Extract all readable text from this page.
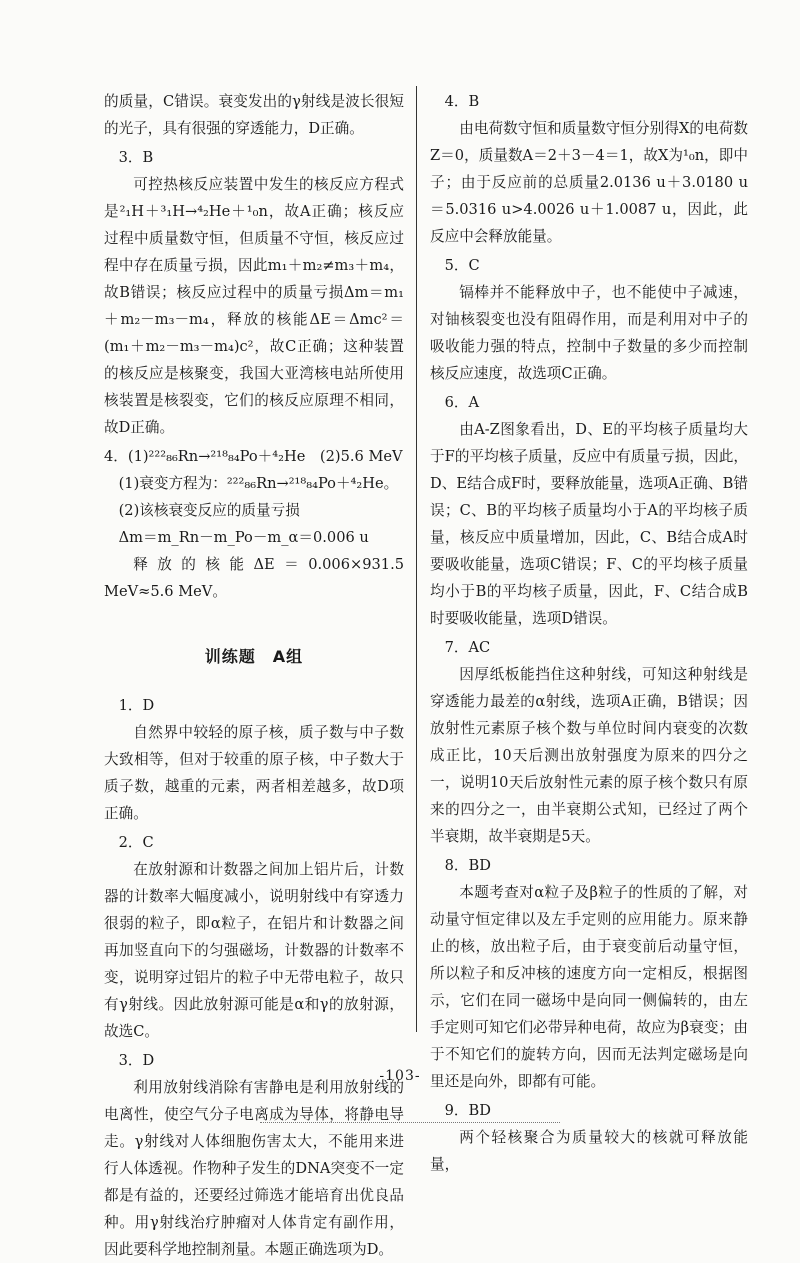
的质量，C错误。衰变发出的γ射线是波长很短的光子，具有很强的穿透能力，D正确。

3．B

可控热核反应装置中发生的核反应方程式是²₁H＋³₁H→⁴₂He＋¹₀n，故A正确；核反应过程中质量数守恒，但质量不守恒，核反应过程中存在质量亏损，因此m₁＋m₂≠m₃＋m₄，故B错误；核反应过程中的质量亏损Δm＝m₁＋m₂－m₃－m₄，释放的核能ΔE＝Δmc²＝(m₁＋m₂－m₃－m₄)c²，故C正确；这种装置的核反应是核聚变，我国大亚湾核电站所使用核装置是核裂变，它们的核反应原理不相同，故D正确。

4．(1)²²²₈₆Rn→²¹⁸₈₄Po＋⁴₂He　(2)5.6 MeV

(1)衰变方程为：²²²₈₆Rn→²¹⁸₈₄Po＋⁴₂He。

(2)该核衰变反应的质量亏损

Δm＝m_Rn－m_Po－m_α＝0.006 u

释放的核能ΔE＝0.006×931.5 MeV≈5.6 MeV。

训练题　A组

1．D

自然界中较轻的原子核，质子数与中子数大致相等，但对于较重的原子核，中子数大于质子数，越重的元素，两者相差越多，故D项正确。

2．C

在放射源和计数器之间加上铝片后，计数器的计数率大幅度减小，说明射线中有穿透力很弱的粒子，即α粒子，在铝片和计数器之间再加竖直向下的匀强磁场，计数器的计数率不变，说明穿过铝片的粒子中无带电粒子，故只有γ射线。因此放射源可能是α和γ的放射源，故选C。

3．D

利用放射线消除有害静电是利用放射线的电离性，使空气分子电离成为导体，将静电导走。γ射线对人体细胞伤害太大，不能用来进行人体透视。作物种子发生的DNA突变不一定都是有益的，还要经过筛选才能培育出优良品种。用γ射线治疗肿瘤对人体肯定有副作用，因此要科学地控制剂量。本题正确选项为D。

4．B

由电荷数守恒和质量数守恒分别得X的电荷数Z＝0，质量数A＝2＋3－4＝1，故X为¹₀n，即中子；由于反应前的总质量2.0136 u＋3.0180 u＝5.0316 u>4.0026 u＋1.0087 u，因此，此反应中会释放能量。

5．C

镉棒并不能释放中子，也不能使中子减速，对铀核裂变也没有阻碍作用，而是利用对中子的吸收能力强的特点，控制中子数量的多少而控制核反应速度，故选项C正确。

6．A

由A-Z图象看出，D、E的平均核子质量均大于F的平均核子质量，反应中有质量亏损，因此，D、E结合成F时，要释放能量，选项A正确、B错误；C、B的平均核子质量均小于A的平均核子质量，核反应中质量增加，因此，C、B结合成A时要吸收能量，选项C错误；F、C的平均核子质量均小于B的平均核子质量，因此，F、C结合成B时要吸收能量，选项D错误。

7．AC

因厚纸板能挡住这种射线，可知这种射线是穿透能力最差的α射线，选项A正确，B错误；因放射性元素原子核个数与单位时间内衰变的次数成正比，10天后测出放射强度为原来的四分之一，说明10天后放射性元素的原子核个数只有原来的四分之一，由半衰期公式知，已经过了两个半衰期，故半衰期是5天。

8．BD

本题考查对α粒子及β粒子的性质的了解，对动量守恒定律以及左手定则的应用能力。原来静止的核，放出粒子后，由于衰变前后动量守恒，所以粒子和反冲核的速度方向一定相反，根据图示，它们在同一磁场中是向同一侧偏转的，由左手定则可知它们必带异种电荷，故应为β衰变；由于不知它们的旋转方向，因而无法判定磁场是向里还是向外，即都有可能。

9．BD

两个轻核聚合为质量较大的核就可释放能量，

-103-
